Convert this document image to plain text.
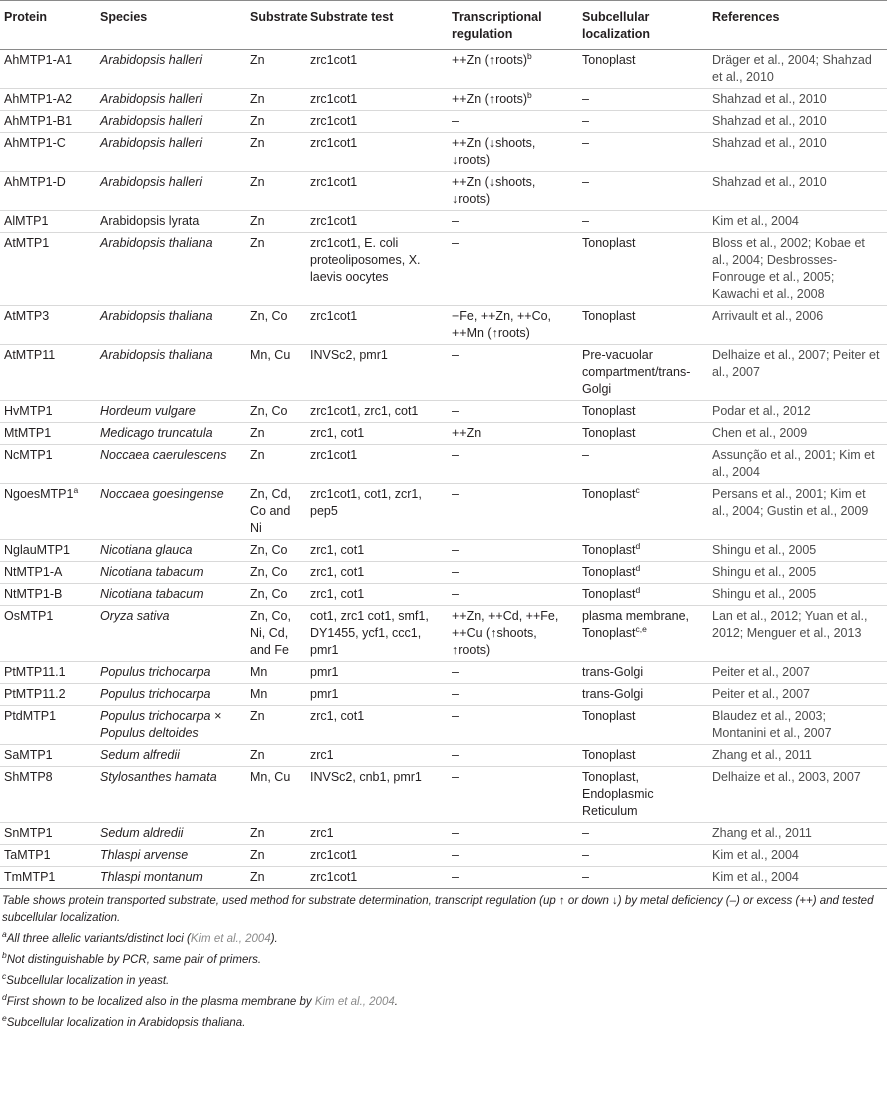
Protein	Species	Substrate	Substrate test	Transcriptional regulation	Subcellular localization	References
AhMTP1-A1	Arabidopsis halleri	Zn	zrc1cot1	++Zn (↑roots)$^b$	Tonoplast	Dräger et al., 2004; Shahzad et al., 2010
AhMTP1-A2	Arabidopsis halleri	Zn	zrc1cot1	++Zn (↑roots)$^b$	–	Shahzad et al., 2010
AhMTP1-B1	Arabidopsis halleri	Zn	zrc1cot1	–	–	Shahzad et al., 2010
AhMTP1-C	Arabidopsis halleri	Zn	zrc1cot1	++Zn (↓shoots, ↓roots)	–	Shahzad et al., 2010
AhMTP1-D	Arabidopsis halleri	Zn	zrc1cot1	++Zn (↓shoots, ↓roots)	–	Shahzad et al., 2010
AlMTP1	Arabidopsis lyrata	Zn	zrc1cot1	–	–	Kim et al., 2004
AtMTP1	Arabidopsis thaliana	Zn	zrc1cot1, E. coli proteoliposomes, X. laevis oocytes	–	Tonoplast	Bloss et al., 2002; Kobae et al., 2004; Desbrosses-Fonrouge et al., 2005; Kawachi et al., 2008
AtMTP3	Arabidopsis thaliana	Zn, Co	zrc1cot1	−Fe, ++Zn, ++Co, ++Mn (↑roots)	Tonoplast	Arrivault et al., 2006
AtMTP11	Arabidopsis thaliana	Mn, Cu	INVSc2, pmr1	–	Pre-vacuolar compartment/trans-Golgi	Delhaize et al., 2007; Peiter et al., 2007
HvMTP1	Hordeum vulgare	Zn, Co	zrc1cot1, zrc1, cot1	–	Tonoplast	Podar et al., 2012
MtMTP1	Medicago truncatula	Zn	zrc1, cot1	++Zn	Tonoplast	Chen et al., 2009
NcMTP1	Noccaea caerulescens	Zn	zrc1cot1	–	–	Assunção et al., 2001; Kim et al., 2004
NgoesMTP1$^a$	Noccaea goesingense	Zn, Cd, Co and Ni	zrc1cot1, cot1, zcr1, pep5	–	Tonoplast$^c$	Persans et al., 2001; Kim et al., 2004; Gustin et al., 2009
NglauMTP1	Nicotiana glauca	Zn, Co	zrc1, cot1	–	Tonoplast$^d$	Shingu et al., 2005
NtMTP1-A	Nicotiana tabacum	Zn, Co	zrc1, cot1	–	Tonoplast$^d$	Shingu et al., 2005
NtMTP1-B	Nicotiana tabacum	Zn, Co	zrc1, cot1	–	Tonoplast$^d$	Shingu et al., 2005
OsMTP1	Oryza sativa	Zn, Co, Ni, Cd, and Fe	cot1, zrc1 cot1, smf1, DY1455, ycf1, ccc1, pmr1	++Zn, ++Cd, ++Fe, ++Cu (↑shoots, ↑roots)	plasma membrane, Tonoplast$^{c,e}$	Lan et al., 2012; Yuan et al., 2012; Menguer et al., 2013
PtMTP11.1	Populus trichocarpa	Mn	pmr1	–	trans-Golgi	Peiter et al., 2007
PtMTP11.2	Populus trichocarpa	Mn	pmr1	–	trans-Golgi	Peiter et al., 2007
PtdMTP1	Populus trichocarpa × Populus deltoides	Zn	zrc1, cot1	–	Tonoplast	Blaudez et al., 2003; Montanini et al., 2007
SaMTP1	Sedum alfredii	Zn	zrc1	–	Tonoplast	Zhang et al., 2011
ShMTP8	Stylosanthes hamata	Mn, Cu	INVSc2, cnb1, pmr1	–	Tonoplast, Endoplasmic Reticulum	Delhaize et al., 2003, 2007
SnMTP1	Sedum aldredii	Zn	zrc1	–	–	Zhang et al., 2011
TaMTP1	Thlaspi arvense	Zn	zrc1cot1	–	–	Kim et al., 2004
TmMTP1	Thlaspi montanum	Zn	zrc1cot1	–	–	Kim et al., 2004

Table shows protein transported substrate, used method for substrate determination, transcript regulation (up ↑ or down ↓) by metal deficiency (–) or excess (++) and tested subcellular localization.

$^a$All three allelic variants/distinct loci (Kim et al., 2004).

$^b$Not distinguishable by PCR, same pair of primers.

$^c$Subcellular localization in yeast.

$^d$First shown to be localized also in the plasma membrane by Kim et al., 2004.

$^e$Subcellular localization in Arabidopsis thaliana.
